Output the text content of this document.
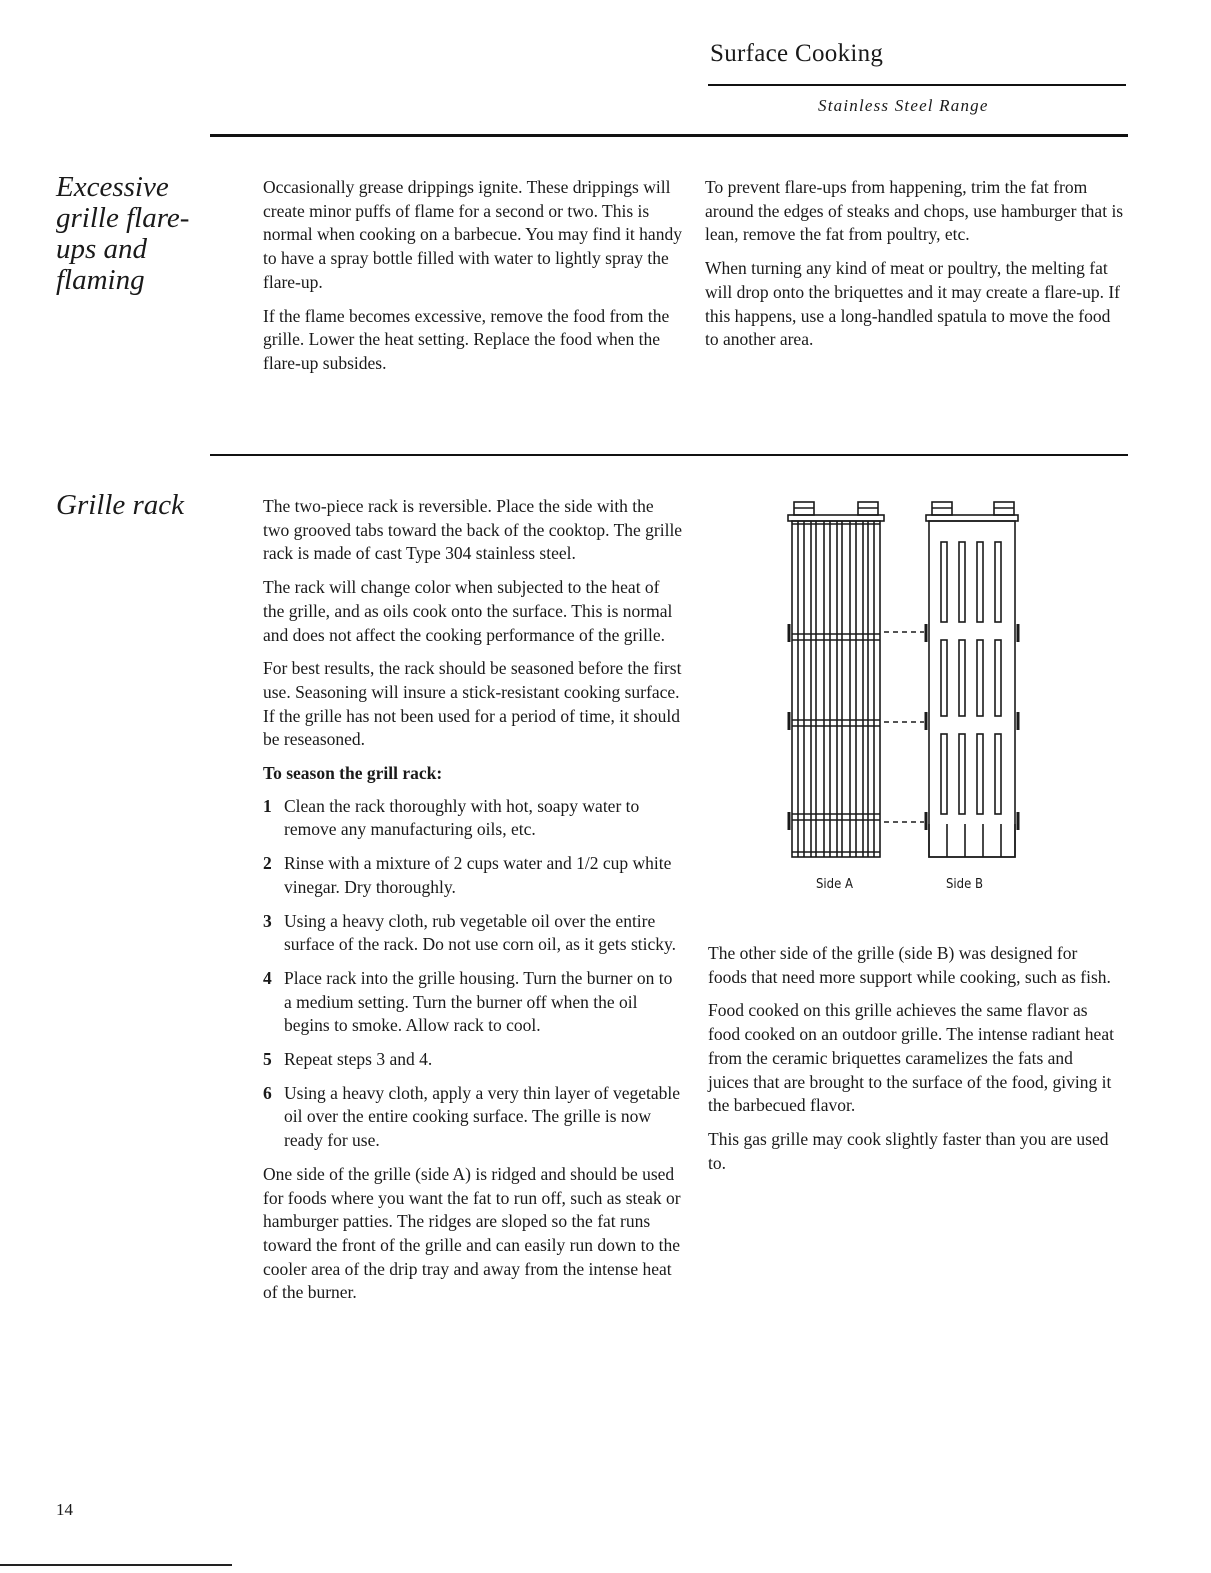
Surface Cooking
Stainless Steel Range
Excessive grille flare-ups and flaming

Occasionally grease drippings ignite. These drippings will create minor puffs of flame for a second or two. This is normal when cooking on a barbecue. You may find it handy to have a spray bottle filled with water to lightly spray the flare-up.

If the flame becomes excessive, remove the food from the grille. Lower the heat setting. Replace the food when the flare-up subsides.

To prevent flare-ups from happening, trim the fat from around the edges of steaks and chops, use hamburger that is lean, remove the fat from poultry, etc.

When turning any kind of meat or poultry, the melting fat will drop onto the briquettes and it may create a flare-up. If this happens, use a long-handled spatula to move the food to another area.

Grille rack	The two-piece rack is reversible. Place the side with the two grooved tabs toward the back of the cooktop. The grille rack is made of cast Type 304 stainless steel.

The rack will change color when subjected to the heat of the grille, and as oils cook onto the surface. This is normal and does not affect the cooking performance of the grille.

For best results, the rack should be seasoned before the first use. Seasoning will insure a stick-resistant cooking surface. If the grille has not been used for a period of time, it should be reseasoned.

To season the grill rack:
1 Clean the rack thoroughly with hot, soapy water to remove any manufacturing oils, etc.
2 Rinse with a mixture of 2 cups water and 1/2 cup white vinegar. Dry thoroughly.
3 Using a heavy cloth, rub vegetable oil over the entire surface of the rack. Do not use corn oil, as it gets sticky.
4 Place rack into the grille housing. Turn the burner on to a medium setting. Turn the burner off when the oil begins to smoke. Allow rack to cool.
5 Repeat steps 3 and 4.
6 Using a heavy cloth, apply a very thin layer of vegetable oil over the entire cooking surface. The grille is now ready for use.

One side of the grille (side A) is ridged and should be used for foods where you want the fat to run off, such as steak or hamburger patties. The ridges are sloped so the fat runs toward the front of the grille and can easily run down to the cooler area of the drip tray and away from the intense heat of the burner.

Side A	Side B

The other side of the grille (side B) was designed for foods that need more support while cooking, such as fish.

Food cooked on this grille achieves the same flavor as food cooked on an outdoor grille. The intense radiant heat from the ceramic briquettes caramelizes the fats and juices that are brought to the surface of the food, giving it the barbecued flavor.

This gas grille may cook slightly faster than you are used to.

14
